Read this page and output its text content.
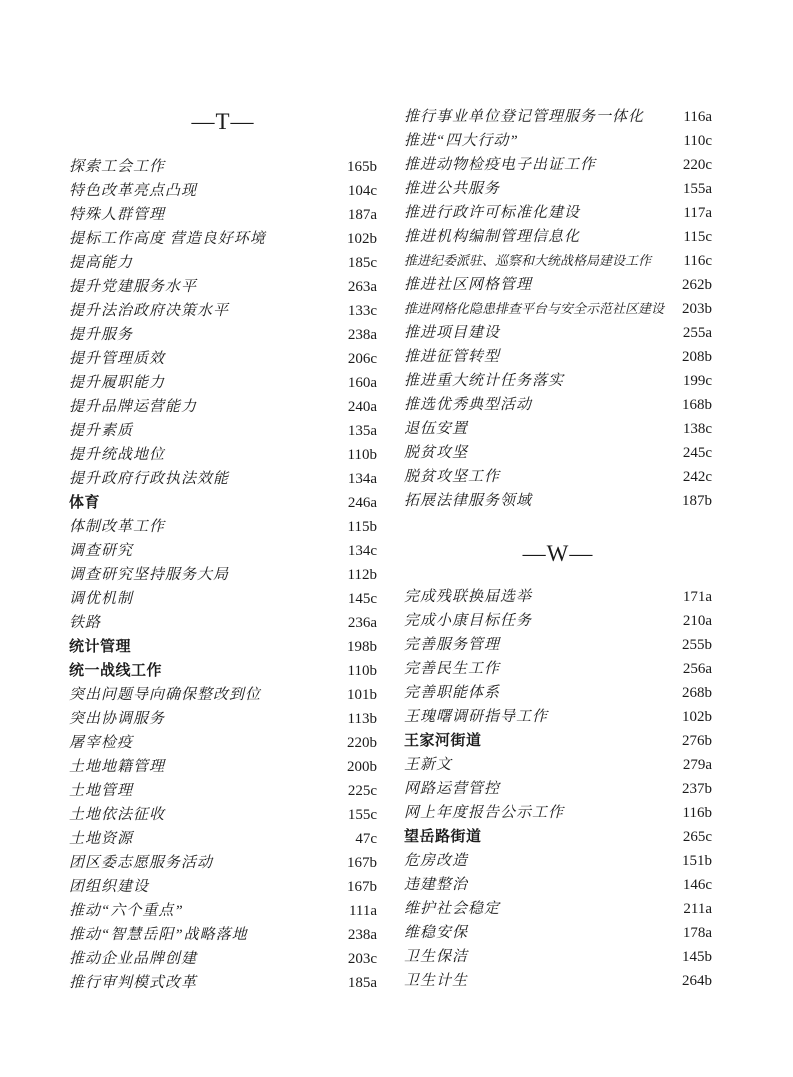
—T—
探索工会工作	165b
特色改革亮点凸现	104c
特殊人群管理	187a
提标工作高度 营造良好环境	102b
提高能力	185c
提升党建服务水平	263a
提升法治政府决策水平	133c
提升服务	238a
提升管理质效	206c
提升履职能力	160a
提升品牌运营能力	240a
提升素质	135a
提升统战地位	110b
提升政府行政执法效能	134a
体育	246a
体制改革工作	115b
调查研究	134c
调查研究坚持服务大局	112b
调优机制	145c
铁路	236a
统计管理	198b
统一战线工作	110b
突出问题导向确保整改到位	101b
突出协调服务	113b
屠宰检疫	220b
土地地籍管理	200b
土地管理	225c
土地依法征收	155c
土地资源	47c
团区委志愿服务活动	167b
团组织建设	167b
推动“六个重点”	111a
推动“智慧岳阳”战略落地	238a
推动企业品牌创建	203c
推行审判模式改革	185a
推行事业单位登记管理服务一体化	116a
推进“四大行动”	110c
推进动物检疫电子出证工作	220c
推进公共服务	155a
推进行政许可标准化建设	117a
推进机构编制管理信息化	115c
推进纪委派驻、巡察和大统战格局建设工作	116c
推进社区网格管理	262b
推进网格化隐患排查平台与安全示范社区建设	203b
推进项目建设	255a
推进征管转型	208b
推进重大统计任务落实	199c
推选优秀典型活动	168b
退伍安置	138c
脱贫攻坚	245c
脱贫攻坚工作	242c
拓展法律服务领域	187b
—W—
完成残联换届选举	171a
完成小康目标任务	210a
完善服务管理	255b
完善民生工作	256a
完善职能体系	268b
王瑰曙调研指导工作	102b
王家河街道	276b
王新文	279a
网路运营管控	237b
网上年度报告公示工作	116b
望岳路街道	265c
危房改造	151b
违建整治	146c
维护社会稳定	211a
维稳安保	178a
卫生保洁	145b
卫生计生	264b
